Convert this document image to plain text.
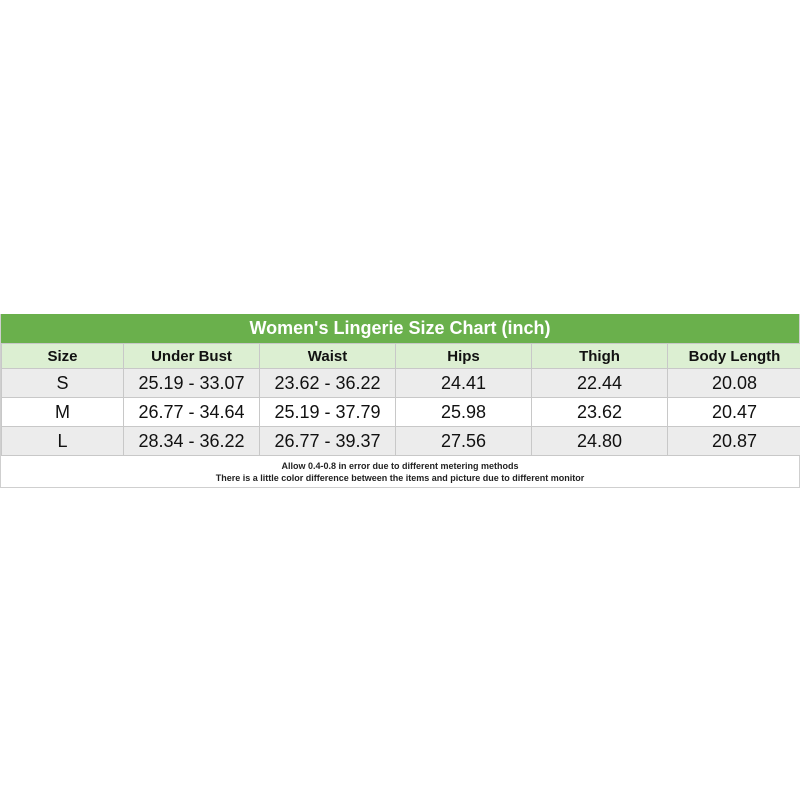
Women's Lingerie Size Chart (inch)
Size	Under Bust	Waist	Hips	Thigh	Body Length
S	25.19 - 33.07	23.62 - 36.22	24.41	22.44	20.08
M	26.77 - 34.64	25.19 - 37.79	25.98	23.62	20.47
L	28.34 - 36.22	26.77 - 39.37	27.56	24.80	20.87
Allow 0.4-0.8 in error due to different metering methods
There is a little color difference between the items and picture due to different monitor
